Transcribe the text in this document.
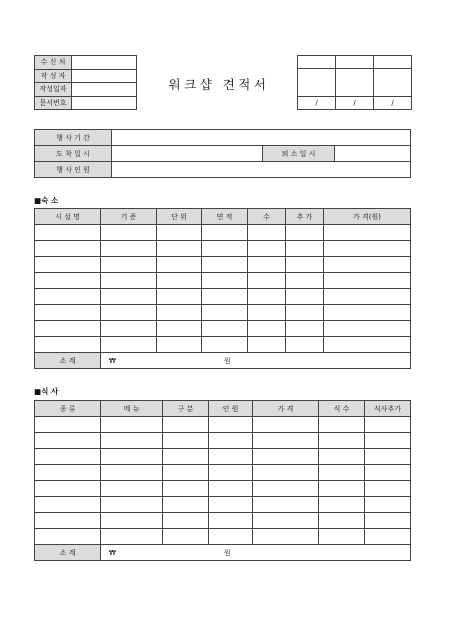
수 신 처	
작 성 자	
작성일자	
문서번호	
워크샵 견적서

/	/	/
행 사 기 간			
도 착 일 시		퇴 소 일 시	
행 사 인 원			
■숙 소
시 설 명	기 준	단 위	면 적	수	추 가	가 격(원)

소 계	₩ 원					
■식 사
종 류	메 뉴	구 분	인 원	가 격	식 수	식사추가

소 계	₩ 원					
